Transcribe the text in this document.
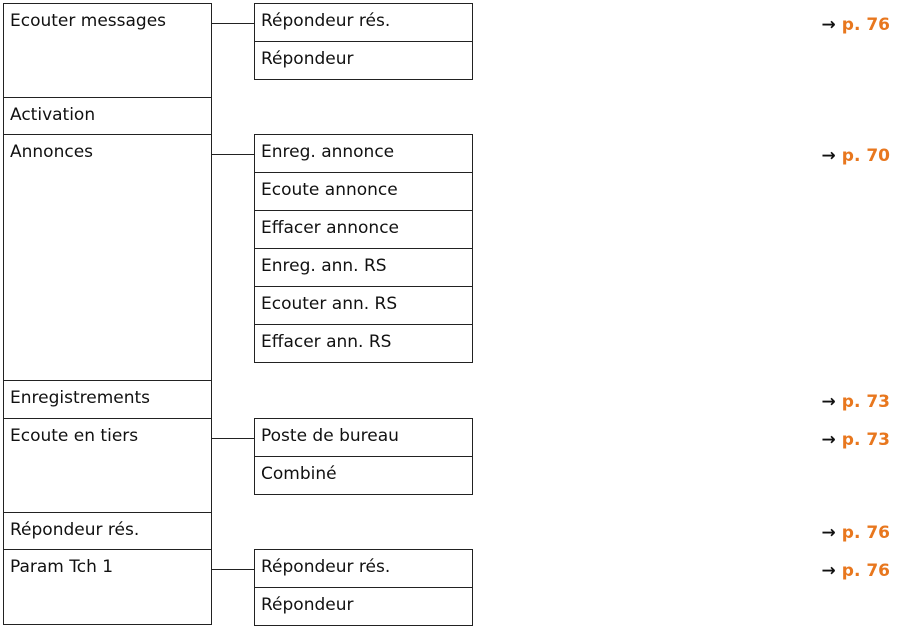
Ecouter messages
Activation
Annonces
Enregistrements
Ecoute en tiers
Répondeur rés.
Param Tch 1
Répondeur rés.
Répondeur
Enreg. annonce
Ecoute annonce
Effacer annonce
Enreg. ann. RS
Ecouter ann. RS
Effacer ann. RS
Poste de bureau
Combiné
Répondeur rés.
Répondeur
→ p. 76
→ p. 70
→ p. 73
→ p. 73
→ p. 76
→ p. 76
